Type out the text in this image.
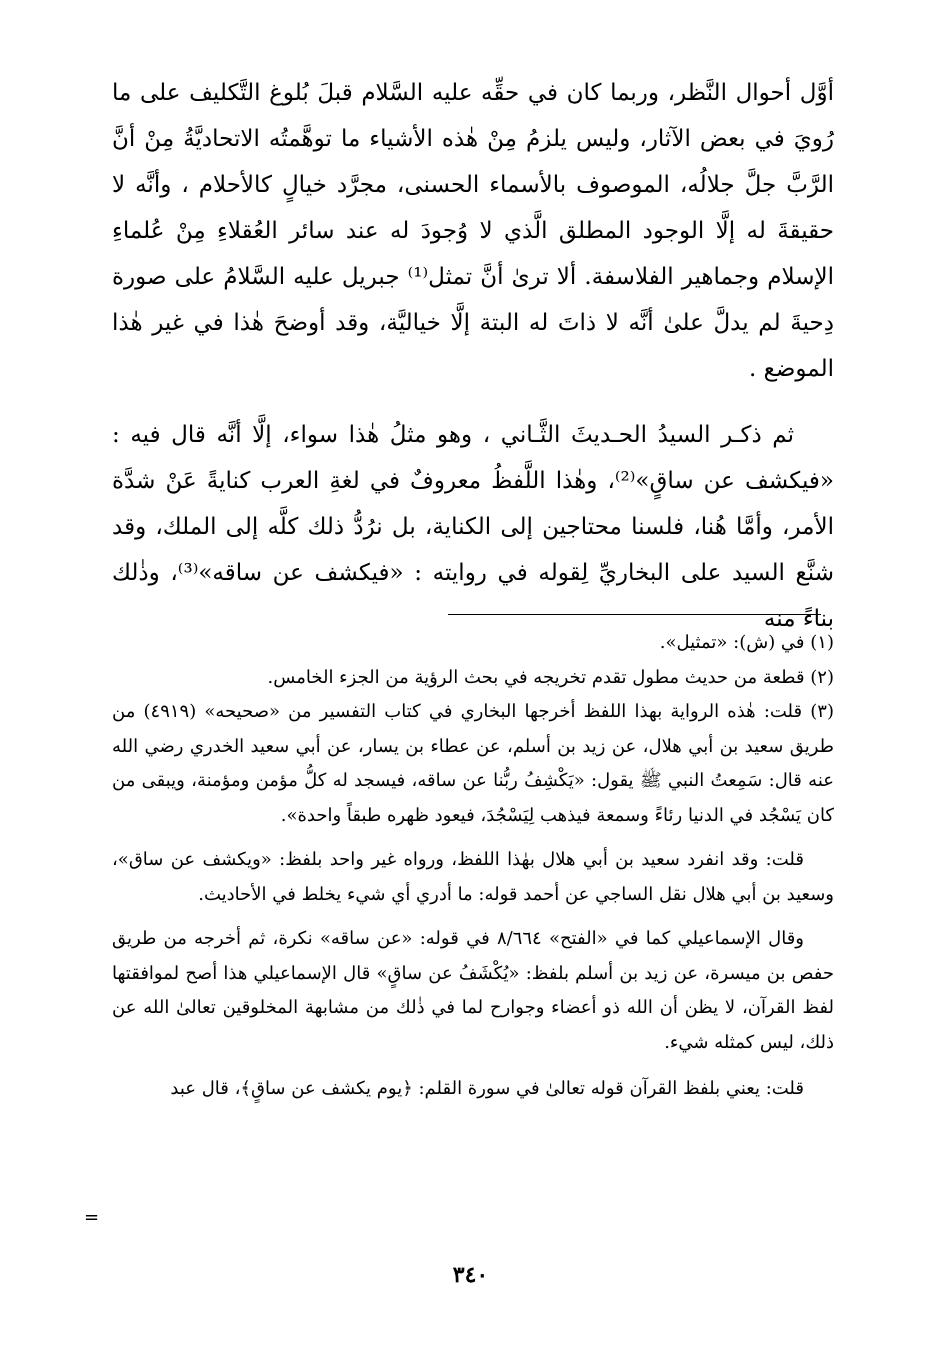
أوَّل أحوال النَّظر، وربما كان في حقِّه عليه السَّلام قبلَ بُلوغ التَّكليف على ما رُويَ في بعض الآثار، وليس يلزمُ مِنْ هٰذه الأشياء ما توهَّمتُه الاتحاديَّةُ مِنْ أنَّ الرَّبَّ جلَّ جلالُه، الموصوف بالأسماء الحسنى، مجرَّد خيالٍ كالأحلام ، وأنَّه لا حقيقةَ له إلَّا الوجود المطلق الَّذي لا وُجودَ له عند سائر العُقلاءِ مِنْ عُلماءِ الإسلام وجماهير الفلاسفة. ألا ترىٰ أنَّ تمثل⁽¹⁾ جبريل عليه السَّلامُ على صورة دِحيةَ لم يدلَّ علىٰ أنَّه لا ذاتَ له البتة إلَّا خياليَّة، وقد أوضحَ هٰذا في غير هٰذا الموضع .

ثم ذكـر السيدُ الحـديثَ الثَّـاني ، وهو مثلُ هٰذا سواء، إلَّا أنَّه قال فيه : «فيكشف عن ساقٍ»⁽²⁾، وهٰذا اللَّفظُ معروفٌ في لغةِ العرب كنايةً عَنْ شدَّة الأمر، وأمَّا هُنا، فلسنا محتاجين إلى الكناية، بل نرُدُّ ذلك كلَّه إلى الملك، وقد شنَّع السيد على البخاريِّ لِقوله في روايته : «فيكشف عن ساقه»⁽³⁾، وذٰلك بناءً منه

(١) في (ش): «تمثيل».

(٢) قطعة من حديث مطول تقدم تخريجه في بحث الرؤية من الجزء الخامس.

(٣) قلت: هٰذه الرواية بهذا اللفظ أخرجها البخاري في كتاب التفسير من «صحيحه» (٤٩١٩) من طريق سعيد بن أبي هلال، عن زيد بن أسلم، عن عطاء بن يسار، عن أبي سعيد الخدري رضي الله عنه قال: سَمِعتُ النبي ﷺ يقول: «يَكْشِفُ ربُّنا عن ساقه، فيسجد له كلُّ مؤمن ومؤمنة، ويبقى من كان يَسْجُد في الدنيا رئاءً وسمعة فيذهب لِيَسْجُدَ، فيعود ظهره طبقاً واحدة».

قلت: وقد انفرد سعيد بن أبي هلال بهٰذا اللفظ، ورواه غير واحد بلفظ: «ويكشف عن ساق»، وسعيد بن أبي هلال نقل الساجي عن أحمد قوله: ما أدري أي شيء يخلط في الأحاديث.

وقال الإسماعيلي كما في «الفتح» ٨/٦٦٤ في قوله: «عن ساقه» نكرة، ثم أخرجه من طريق حفص بن ميسرة، عن زيد بن أسلم بلفظ: «يُكْشَفُ عن ساقٍ» قال الإسماعيلي هذا أصح لموافقتها لفظ القرآن، لا يظن أن الله ذو أعضاء وجوارح لما في ذٰلك من مشابهة المخلوقين تعالىٰ الله عن ذلك، ليس كمثله شيء.

قلت: يعني بلفظ القرآن قوله تعالىٰ في سورة القلم: ﴿يوم يكشف عن ساقٍ﴾، قال عبد

=
٣٤٠
